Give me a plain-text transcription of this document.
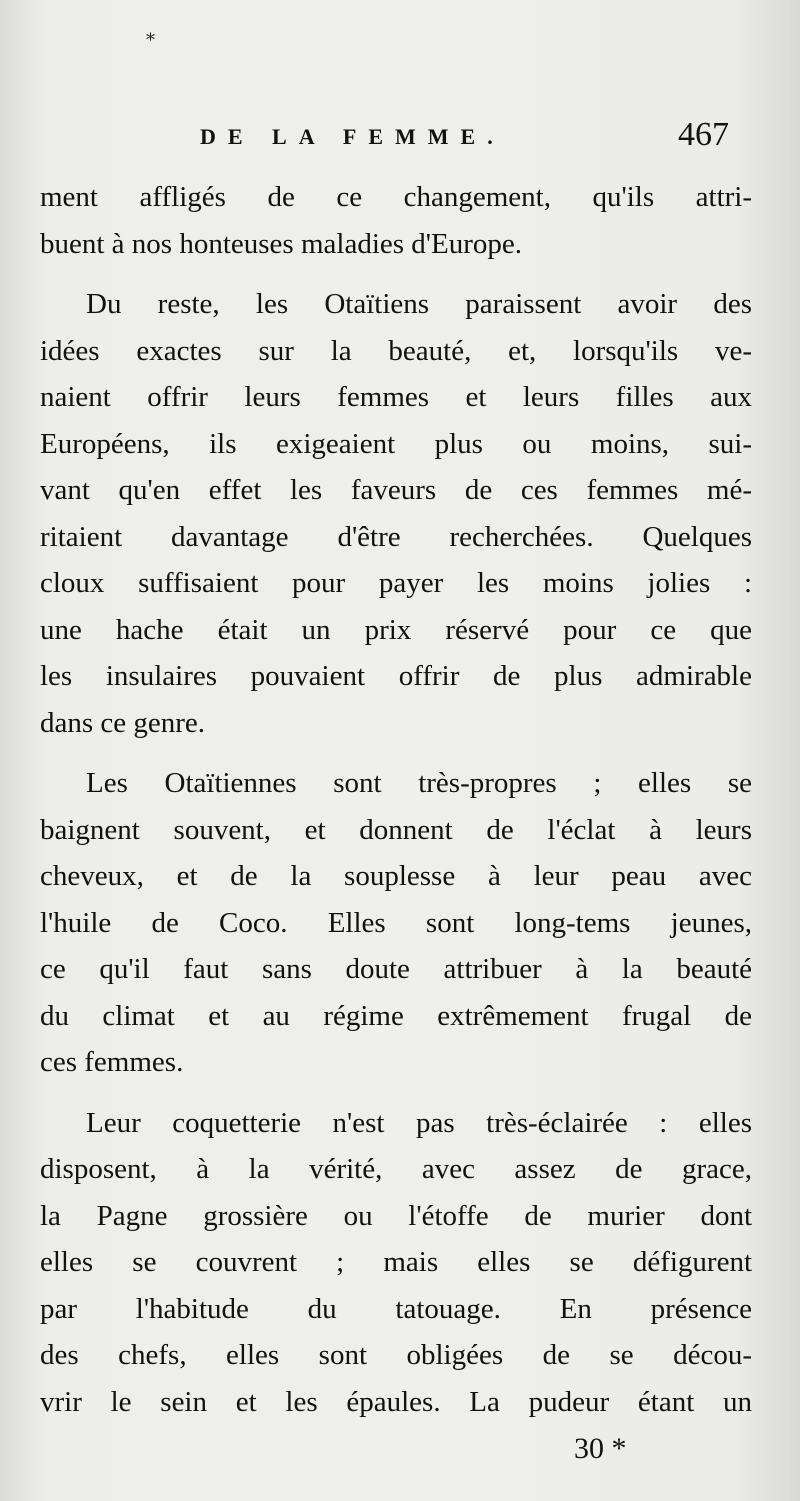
*
DE LA FEMME.	467
ment affligés de ce changement, qu'ils attri-
buent à nos honteuses maladies d'Europe.
Du reste, les Otaïtiens paraissent avoir des
idées exactes sur la beauté, et, lorsqu'ils ve-
naient offrir leurs femmes et leurs filles aux
Européens, ils exigeaient plus ou moins, sui-
vant qu'en effet les faveurs de ces femmes mé-
ritaient davantage d'être recherchées. Quelques
cloux suffisaient pour payer les moins jolies :
une hache était un prix réservé pour ce que
les insulaires pouvaient offrir de plus admirable
dans ce genre.
Les Otaïtiennes sont très-propres ; elles se
baignent souvent, et donnent de l'éclat à leurs
cheveux, et de la souplesse à leur peau avec
l'huile de Coco. Elles sont long-tems jeunes,
ce qu'il faut sans doute attribuer à la beauté
du climat et au régime extrêmement frugal de
ces femmes.
Leur coquetterie n'est pas très-éclairée : elles
disposent, à la vérité, avec assez de grace,
la Pagne grossière ou l'étoffe de murier dont
elles se couvrent ; mais elles se défigurent
par l'habitude du tatouage. En présence
des chefs, elles sont obligées de se décou-
vrir le sein et les épaules. La pudeur étant un
30 *
